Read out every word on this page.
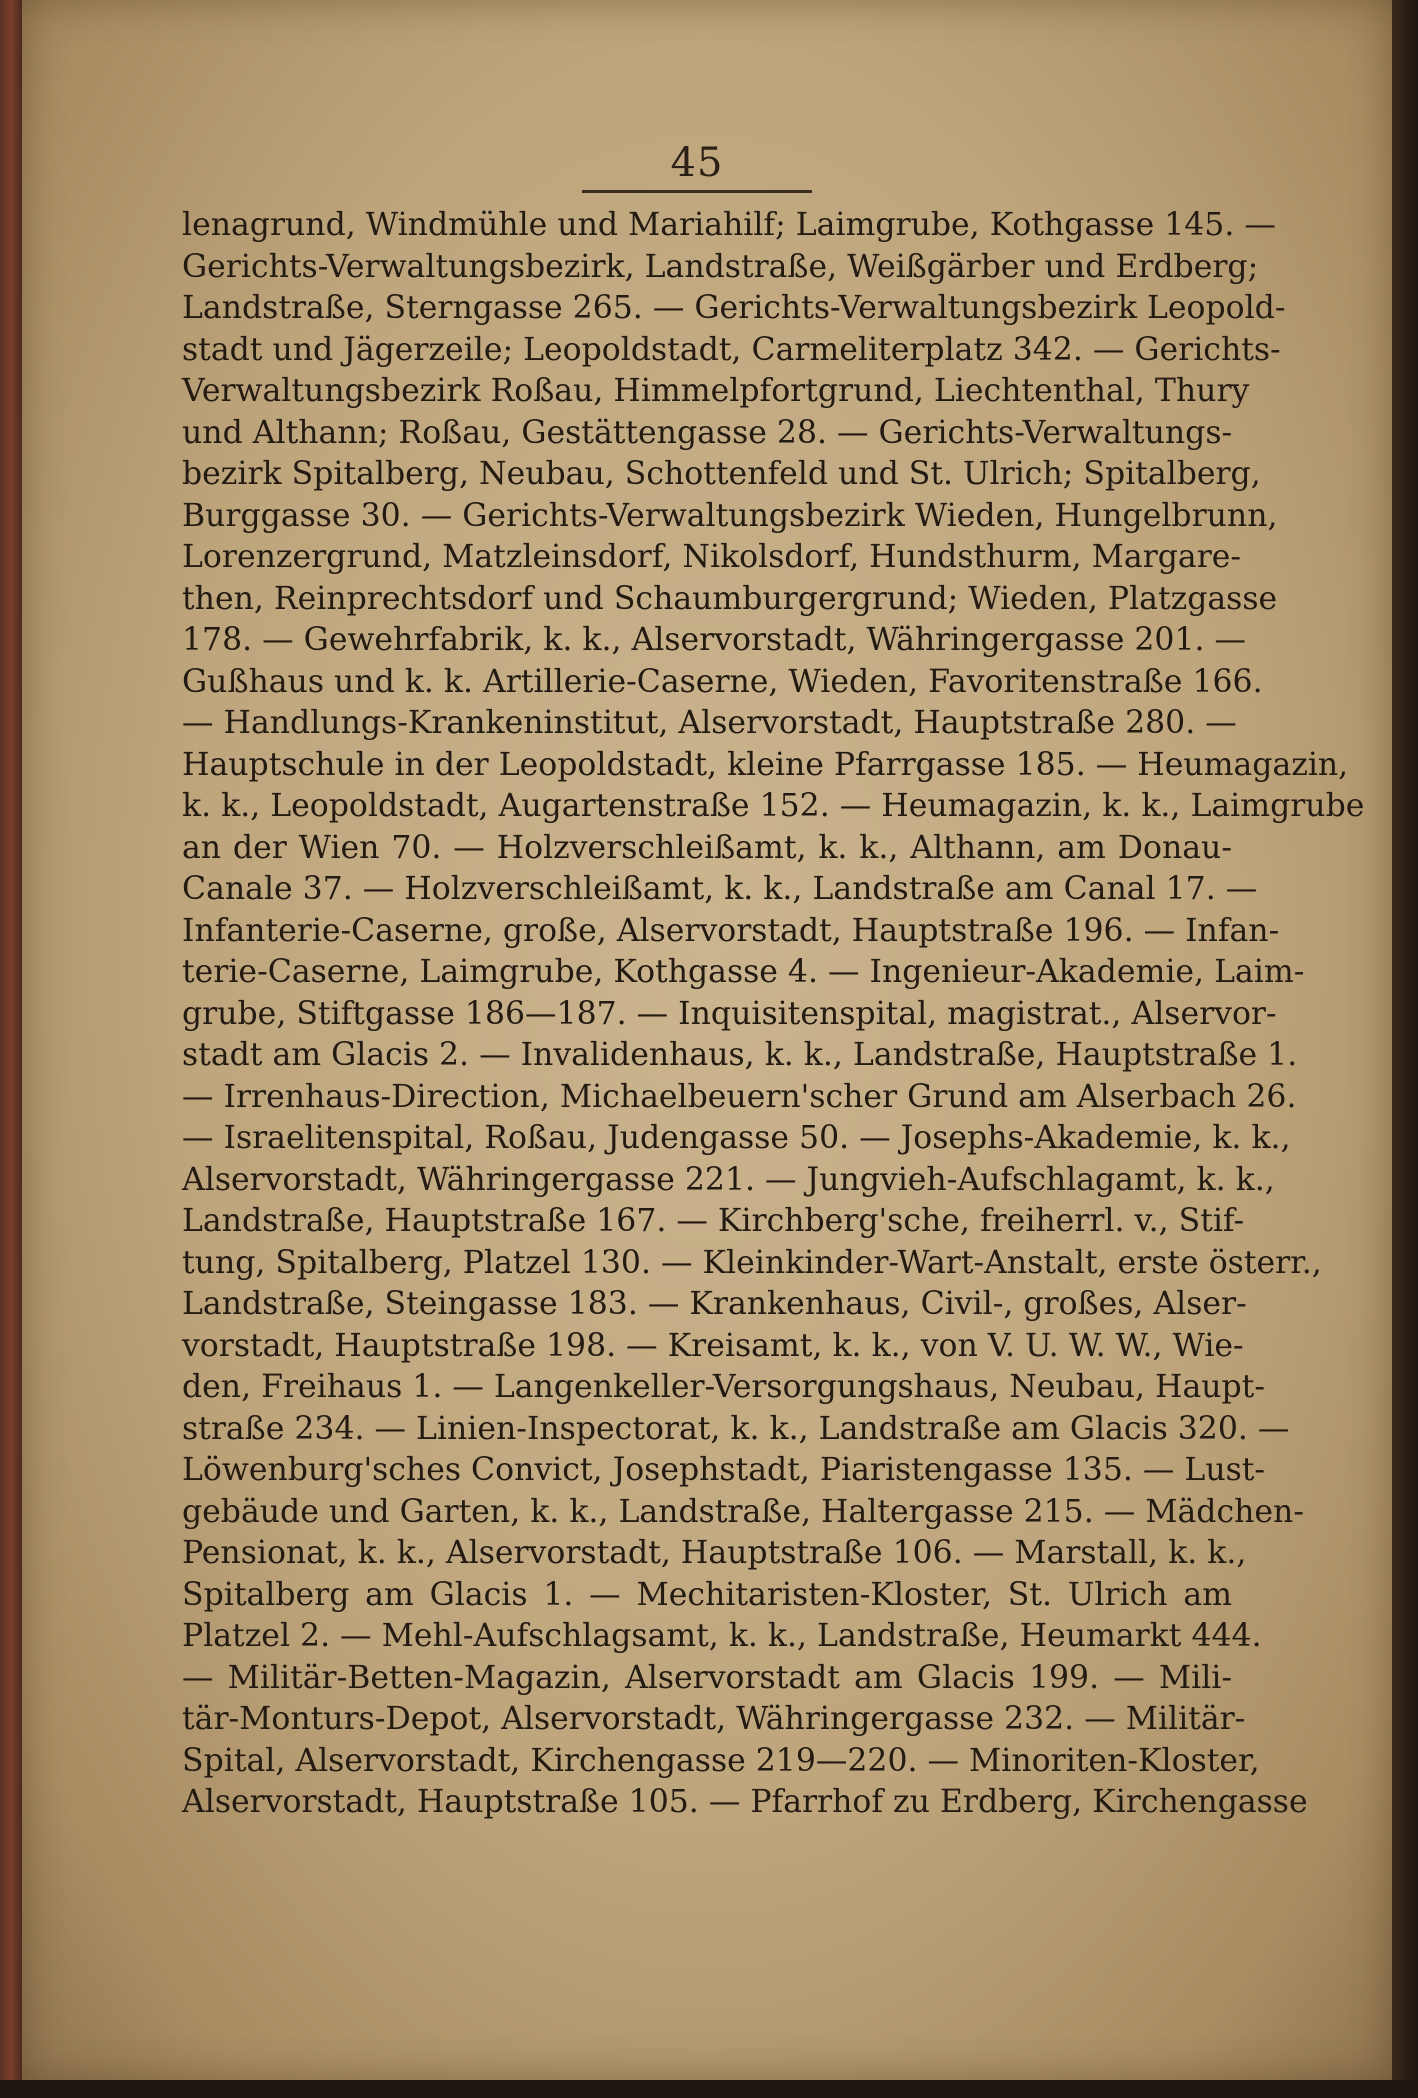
45
lenagrund, Windmühle und Mariahilf; Laimgrube, Kothgasse 145. —
Gerichts-Verwaltungsbezirk, Landstraße, Weißgärber und Erdberg;
Landstraße, Sterngasse 265. — Gerichts-Verwaltungsbezirk Leopold-
stadt und Jägerzeile; Leopoldstadt, Carmeliterplatz 342. — Gerichts-
Verwaltungsbezirk Roßau, Himmelpfortgrund, Liechtenthal, Thury
und Althann; Roßau, Gestättengasse 28. — Gerichts-Verwaltungs-
bezirk Spitalberg, Neubau, Schottenfeld und St. Ulrich; Spitalberg,
Burggasse 30. — Gerichts-Verwaltungsbezirk Wieden, Hungelbrunn,
Lorenzergrund, Matzleinsdorf, Nikolsdorf, Hundsthurm, Margare-
then, Reinprechtsdorf und Schaumburgergrund; Wieden, Platzgasse
178. — Gewehrfabrik, k. k., Alservorstadt, Währingergasse 201. —
Gußhaus und k. k. Artillerie-Caserne, Wieden, Favoritenstraße 166.
— Handlungs-Krankeninstitut, Alservorstadt, Hauptstraße 280. —
Hauptschule in der Leopoldstadt, kleine Pfarrgasse 185. — Heumagazin,
k. k., Leopoldstadt, Augartenstraße 152. — Heumagazin, k. k., Laimgrube
an der Wien 70. — Holzverschleißamt, k. k., Althann, am Donau-
Canale 37. — Holzverschleißamt, k. k., Landstraße am Canal 17. —
Infanterie-Caserne, große, Alservorstadt, Hauptstraße 196. — Infan-
terie-Caserne, Laimgrube, Kothgasse 4. — Ingenieur-Akademie, Laim-
grube, Stiftgasse 186—187. — Inquisitenspital, magistrat., Alservor-
stadt am Glacis 2. — Invalidenhaus, k. k., Landstraße, Hauptstraße 1.
— Irrenhaus-Direction, Michaelbeuern'scher Grund am Alserbach 26.
— Israelitenspital, Roßau, Judengasse 50. — Josephs-Akademie, k. k.,
Alservorstadt, Währingergasse 221. — Jungvieh-Aufschlagamt, k. k.,
Landstraße, Hauptstraße 167. — Kirchberg'sche, freiherrl. v., Stif-
tung, Spitalberg, Platzel 130. — Kleinkinder-Wart-Anstalt, erste österr.,
Landstraße, Steingasse 183. — Krankenhaus, Civil-, großes, Alser-
vorstadt, Hauptstraße 198. — Kreisamt, k. k., von V. U. W. W., Wie-
den, Freihaus 1. — Langenkeller-Versorgungshaus, Neubau, Haupt-
straße 234. — Linien-Inspectorat, k. k., Landstraße am Glacis 320. —
Löwenburg'sches Convict, Josephstadt, Piaristengasse 135. — Lust-
gebäude und Garten, k. k., Landstraße, Haltergasse 215. — Mädchen-
Pensionat, k. k., Alservorstadt, Hauptstraße 106. — Marstall, k. k.,
Spitalberg am Glacis 1. — Mechitaristen-Kloster, St. Ulrich am
Platzel 2. — Mehl-Aufschlagsamt, k. k., Landstraße, Heumarkt 444.
— Militär-Betten-Magazin, Alservorstadt am Glacis 199. — Mili-
tär-Monturs-Depot, Alservorstadt, Währingergasse 232. — Militär-
Spital, Alservorstadt, Kirchengasse 219—220. — Minoriten-Kloster,
Alservorstadt, Hauptstraße 105. — Pfarrhof zu Erdberg, Kirchengasse
